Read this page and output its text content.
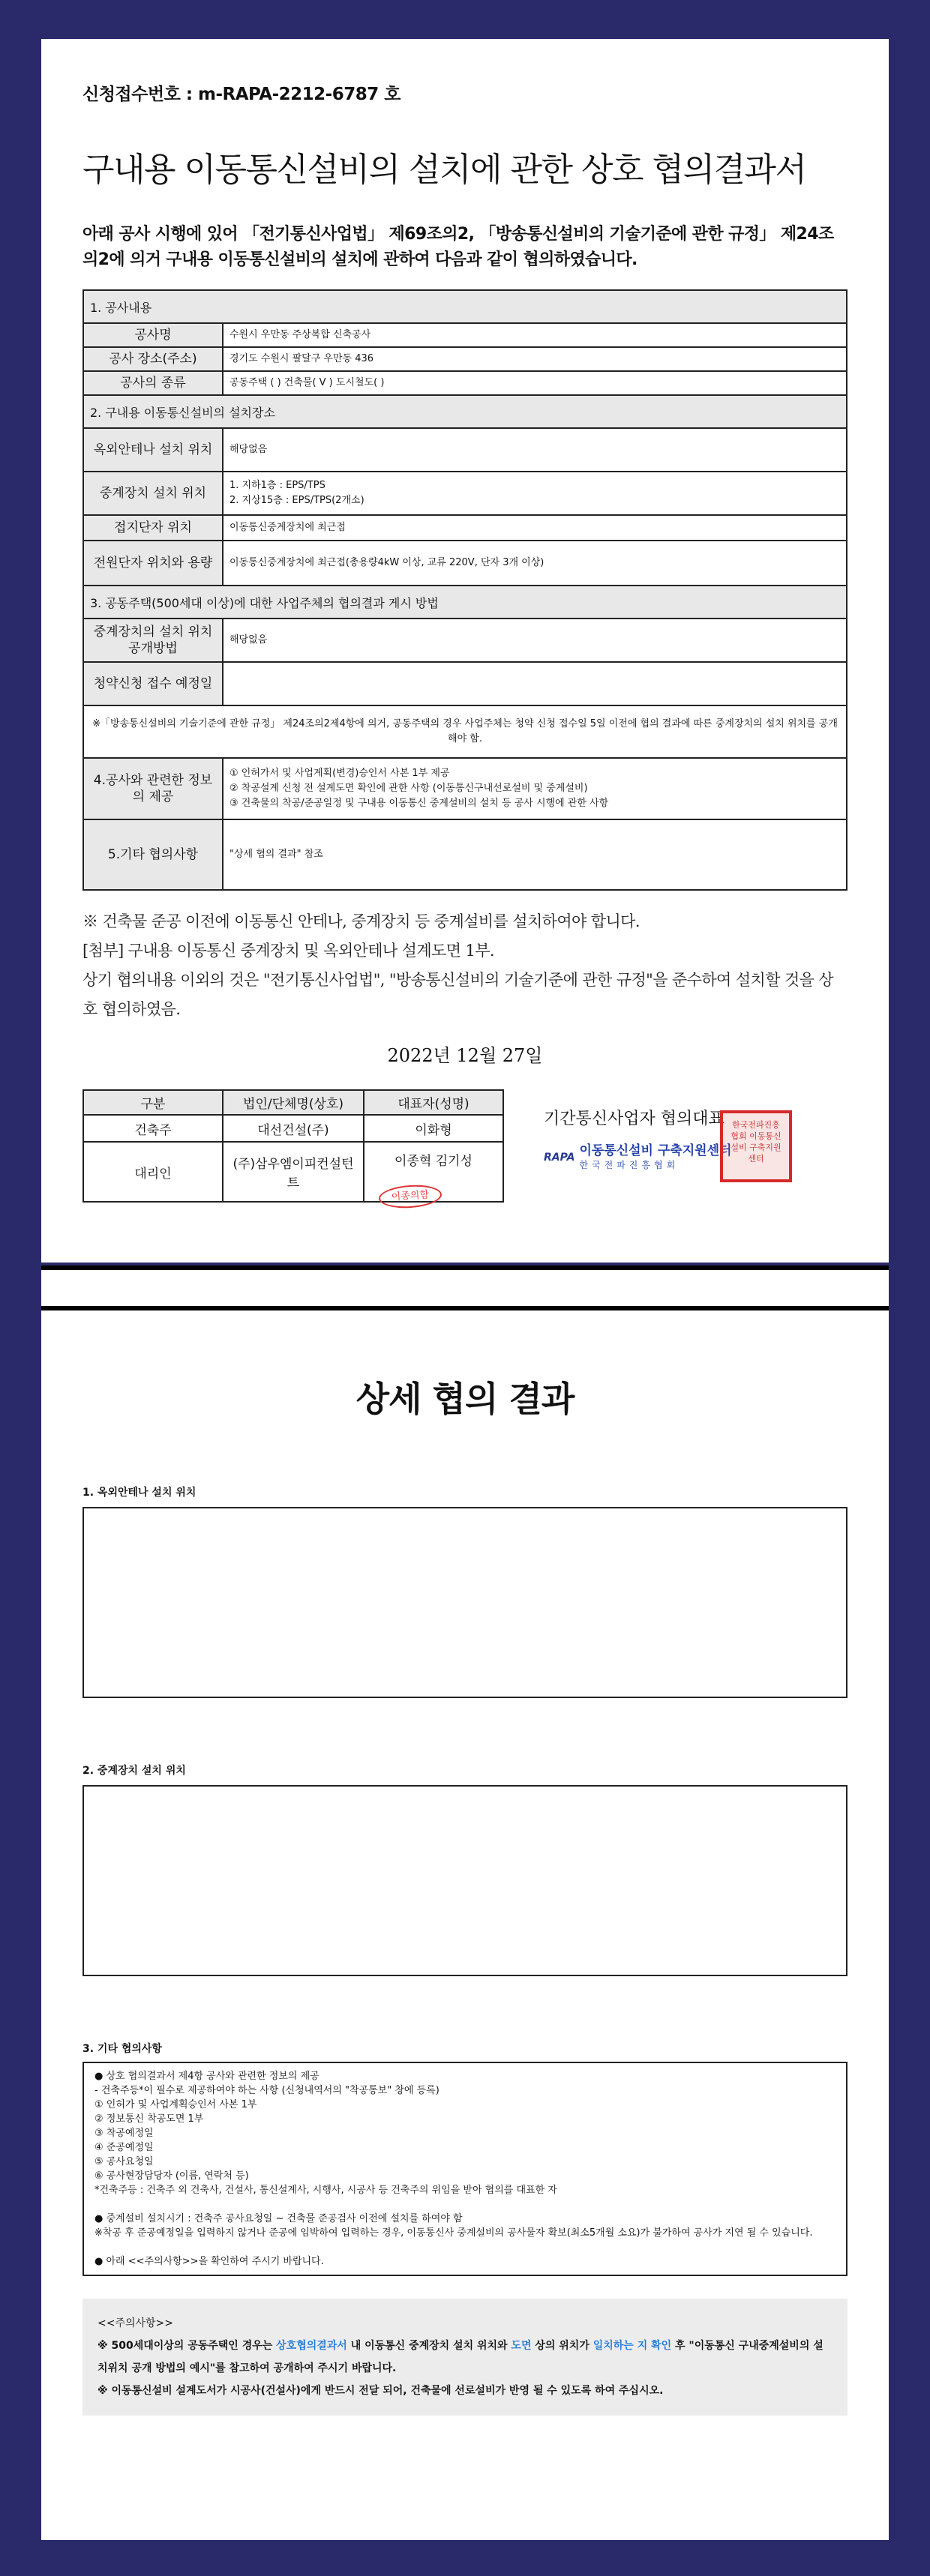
신청접수번호 : m-RAPA-2212-6787 호
구내용 이동통신설비의 설치에 관한 상호 협의결과서

아래 공사 시행에 있어 「전기통신사업법」 제69조의2, 「방송통신설비의 기술기준에 관한 규정」 제24조의2에 의거 구내용 이동통신설비의 설치에 관하여 다음과 같이 협의하였습니다.

1. 공사내용	
공사명	수원시 우만동 주상복합 신축공사
공사 장소(주소)	경기도 수원시 팔달구 우만동 436
공사의 종류	공동주택 ( ) 건축물( V ) 도시철도( )
2. 구내용 이동통신설비의 설치장소	
옥외안테나 설치 위치	해당없음
중계장치 설치 위치	1. 지하1층 : EPS/TPS
2. 지상15층 : EPS/TPS(2개소)

접지단자 위치	이동통신중계장치에 최근접
전원단자 위치와 용량	이동통신중계장치에 최근접(총용량4kW 이상, 교류 220V, 단자 3개 이상)
3. 공동주택(500세대 이상)에 대한 사업주체의 협의결과 게시 방법	
중계장치의 설치 위치 공개방법	해당없음
청약신청 접수 예정일	
※「방송통신설비의 기술기준에 관한 규정」 제24조의2제4항에 의거, 공동주택의 경우 사업주체는 청약 신청 접수일 5일 이전에 협의 결과에 따른 중계장치의 설치 위치를 공개해야 함.	
4.공사와 관련한 정보의 제공	① 인허가서 및 사업계획(변경)승인서 사본 1부 제공
② 착공설계 신청 전 설계도면 확인에 관한 사항 (이동통신구내선로설비 및 중계설비)
③ 건축물의 착공/준공일정 및 구내용 이동통신 중계설비의 설치 등 공사 시행에 관한 사항

5.기타 협의사항	"상세 협의 결과" 참조
※ 건축물 준공 이전에 이동통신 안테나, 중계장치 등 중계설비를 설치하여야 합니다.
[첨부] 구내용 이동통신 중계장치 및 옥외안테나 설계도면 1부.
상기 협의내용 이외의 것은 "전기통신사업법", "방송통신설비의 기술기준에 관한 규정"을 준수하여 설치할 것을 상호 협의하였음.
2022년 12월 27일
구분	법인/단체명(상호)	대표자(성명)
건축주	대선건설(주)	이화형
대리인	(주)삼우엠이피컨설턴트	이종혁 김기성
이종의함
기간통신사업자 협의대표
RAPA 이동통신설비 구축지원센터
한국전파진흥협회
한국전파진흥협회 이동통신설비 구축지원센터
상세 협의 결과
1. 옥외안테나 설치 위치
2. 중계장치 설치 위치
3. 기타 협의사항
● 상호 협의결과서 제4항 공사와 관련한 정보의 제공
- 건축주등*이 필수로 제공하여야 하는 사항 (신청내역서의 "착공통보" 창에 등록)
① 인허가 및 사업계획승인서 사본 1부
② 정보통신 착공도면 1부
③ 착공예정일
④ 준공예정일
⑤ 공사요청일
⑥ 공사현장담당자 (이름, 연락처 등)
*건축주등 : 건축주 외 건축사, 건설사, 통신설계사, 시행사, 시공사 등 건축주의 위임을 받아 협의를 대표한 자
● 중계설비 설치시기 : 건축주 공사요청일 ~ 건축물 준공검사 이전에 설치를 하여야 함
※착공 후 준공예정일을 입력하지 않거나 준공에 임박하여 입력하는 경우, 이동통신사 중계설비의 공사물자 확보(최소5개월 소요)가 불가하여 공사가 지연 될 수 있습니다.
● 아래 <<주의사항>>을 확인하여 주시기 바랍니다.
<<주의사항>>
※ 500세대이상의 공동주택인 경우는 상호협의결과서 내 이동통신 중계장치 설치 위치와 도면 상의 위치가 일치하는 지 확인 후 "이동통신 구내중계설비의 설치위치 공개 방법의 예시"를 참고하여 공개하여 주시기 바랍니다.
※ 이동통신설비 설계도서가 시공사(건설사)에게 반드시 전달 되어, 건축물에 선로설비가 반영 될 수 있도록 하여 주십시오.
